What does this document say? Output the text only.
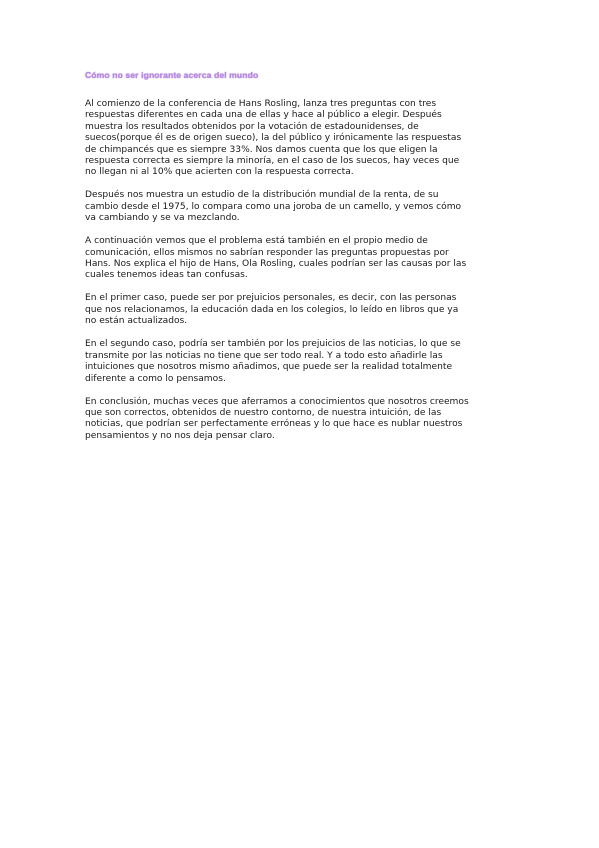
Cómo no ser ignorante acerca del mundo

Al comienzo de la conferencia de Hans Rosling, lanza tres preguntas con tres
respuestas diferentes en cada una de ellas y hace al público a elegir. Después
muestra los resultados obtenidos por la votación de estadounidenses, de
suecos(porque él es de origen sueco), la del público y irónicamente las respuestas
de chimpancés que es siempre 33%. Nos damos cuenta que los que eligen la
respuesta correcta es siempre la minoría, en el caso de los suecos, hay veces que
no llegan ni al 10% que acierten con la respuesta correcta.

Después nos muestra un estudio de la distribución mundial de la renta, de su
cambio desde el 1975, lo compara como una joroba de un camello, y vemos cómo
va cambiando y se va mezclando.

A continuación vemos que el problema está también en el propio medio de
comunicación, ellos mismos no sabrían responder las preguntas propuestas por
Hans. Nos explica el hijo de Hans, Ola Rosling, cuales podrían ser las causas por las
cuales tenemos ideas tan confusas.

En el primer caso, puede ser por prejuicios personales, es decir, con las personas
que nos relacionamos, la educación dada en los colegios, lo leído en libros que ya
no están actualizados.

En el segundo caso, podría ser también por los prejuicios de las noticias, lo que se
transmite por las noticias no tiene que ser todo real. Y a todo esto añadirle las
intuiciones que nosotros mismo añadimos, que puede ser la realidad totalmente
diferente a como lo pensamos.

En conclusión, muchas veces que aferramos a conocimientos que nosotros creemos
que son correctos, obtenidos de nuestro contorno, de nuestra intuición, de las
noticias, que podrían ser perfectamente erróneas y lo que hace es nublar nuestros
pensamientos y no nos deja pensar claro.
